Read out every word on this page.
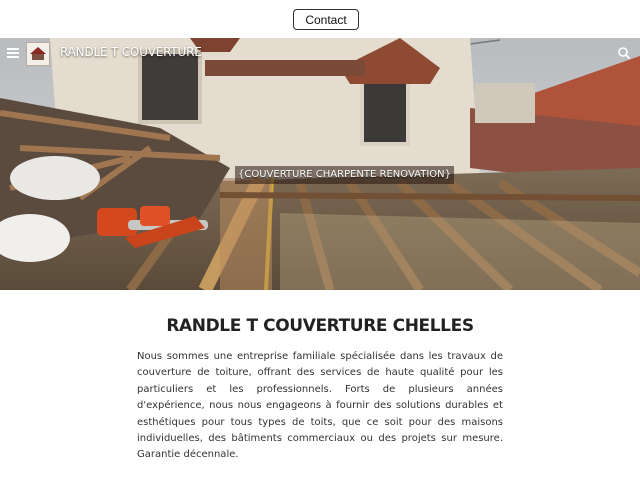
Contact
RANDLE T COUVERTURE
{COUVERTURE CHARPENTE RENOVATION}
RANDLE T COUVERTURE CHELLES

Nous sommes une entreprise familiale spécialisée dans les travaux de couverture de toiture, offrant des services de haute qualité pour les particuliers et les professionnels. Forts de plusieurs années d'expérience, nous nous engageons à fournir des solutions durables et esthétiques pour tous types de toits, que ce soit pour des maisons individuelles, des bâtiments commerciaux ou des projets sur mesure. Garantie décennale.
